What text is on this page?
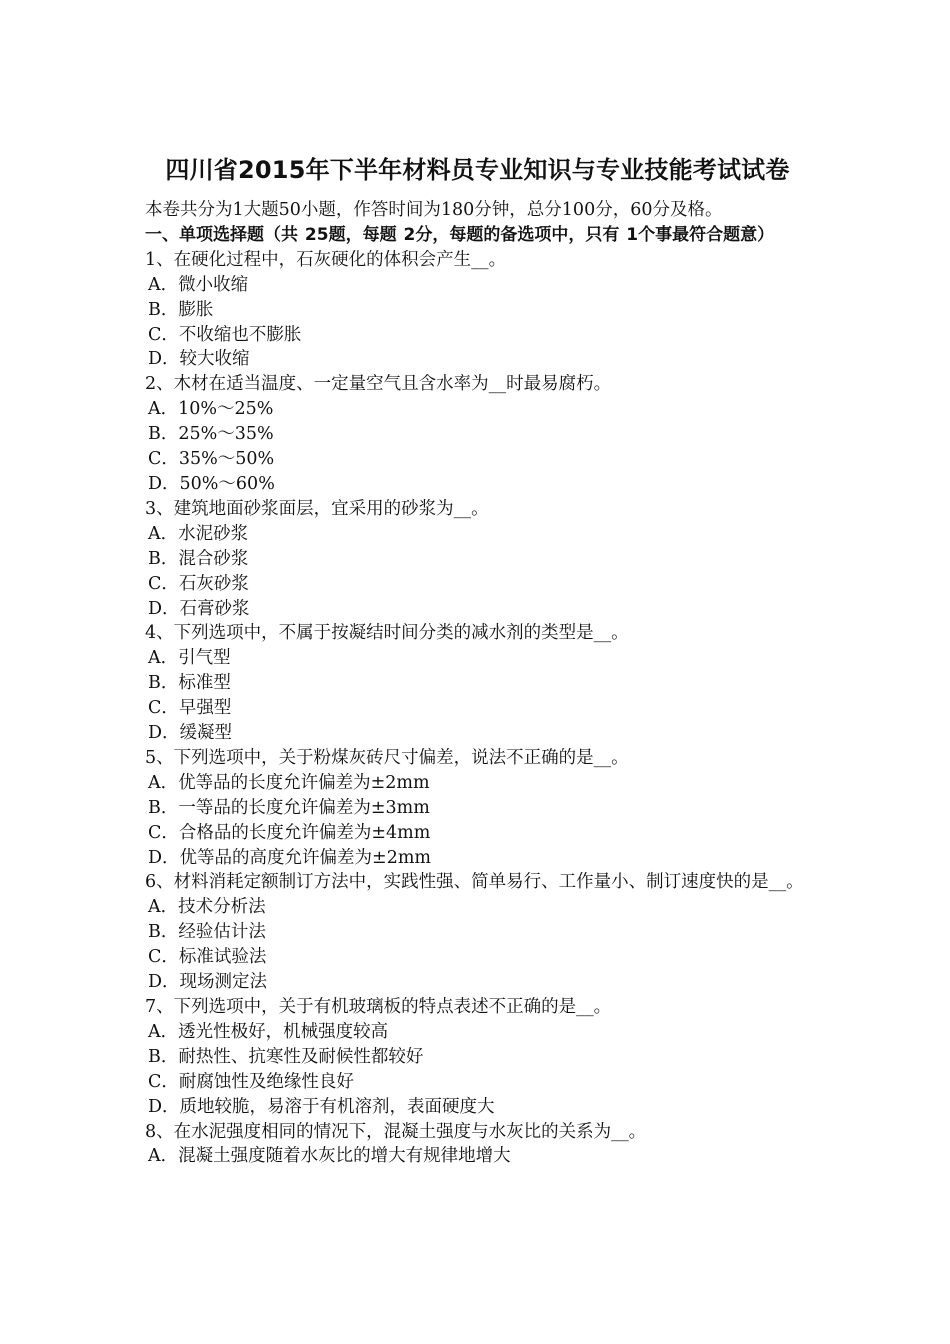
四川省2015年下半年材料员专业知识与专业技能考试试卷
本卷共分为1大题50小题，作答时间为180分钟，总分100分，60分及格。
一、单项选择题（共 25题，每题 2分，每题的备选项中，只有 1个事最符合题意）
1、在硬化过程中，石灰硬化的体积会产生__。
A．微小收缩
B．膨胀
C．不收缩也不膨胀
D．较大收缩
2、木材在适当温度、一定量空气且含水率为__时最易腐朽。
A．10%～25%
B．25%～35%
C．35%～50%
D．50%～60%
3、建筑地面砂浆面层，宜采用的砂浆为__。
A．水泥砂浆
B．混合砂浆
C．石灰砂浆
D．石膏砂浆
4、下列选项中，不属于按凝结时间分类的减水剂的类型是__。
A．引气型
B．标准型
C．早强型
D．缓凝型
5、下列选项中，关于粉煤灰砖尺寸偏差，说法不正确的是__。
A．优等品的长度允许偏差为±2mm
B．一等品的长度允许偏差为±3mm
C．合格品的长度允许偏差为±4mm
D．优等品的高度允许偏差为±2mm
6、材料消耗定额制订方法中，实践性强、简单易行、工作量小、制订速度快的是__。
A．技术分析法
B．经验估计法
C．标准试验法
D．现场测定法
7、下列选项中，关于有机玻璃板的特点表述不正确的是__。
A．透光性极好，机械强度较高
B．耐热性、抗寒性及耐候性都较好
C．耐腐蚀性及绝缘性良好
D．质地较脆，易溶于有机溶剂，表面硬度大
8、在水泥强度相同的情况下，混凝土强度与水灰比的关系为__。
A．混凝土强度随着水灰比的增大有规律地增大
